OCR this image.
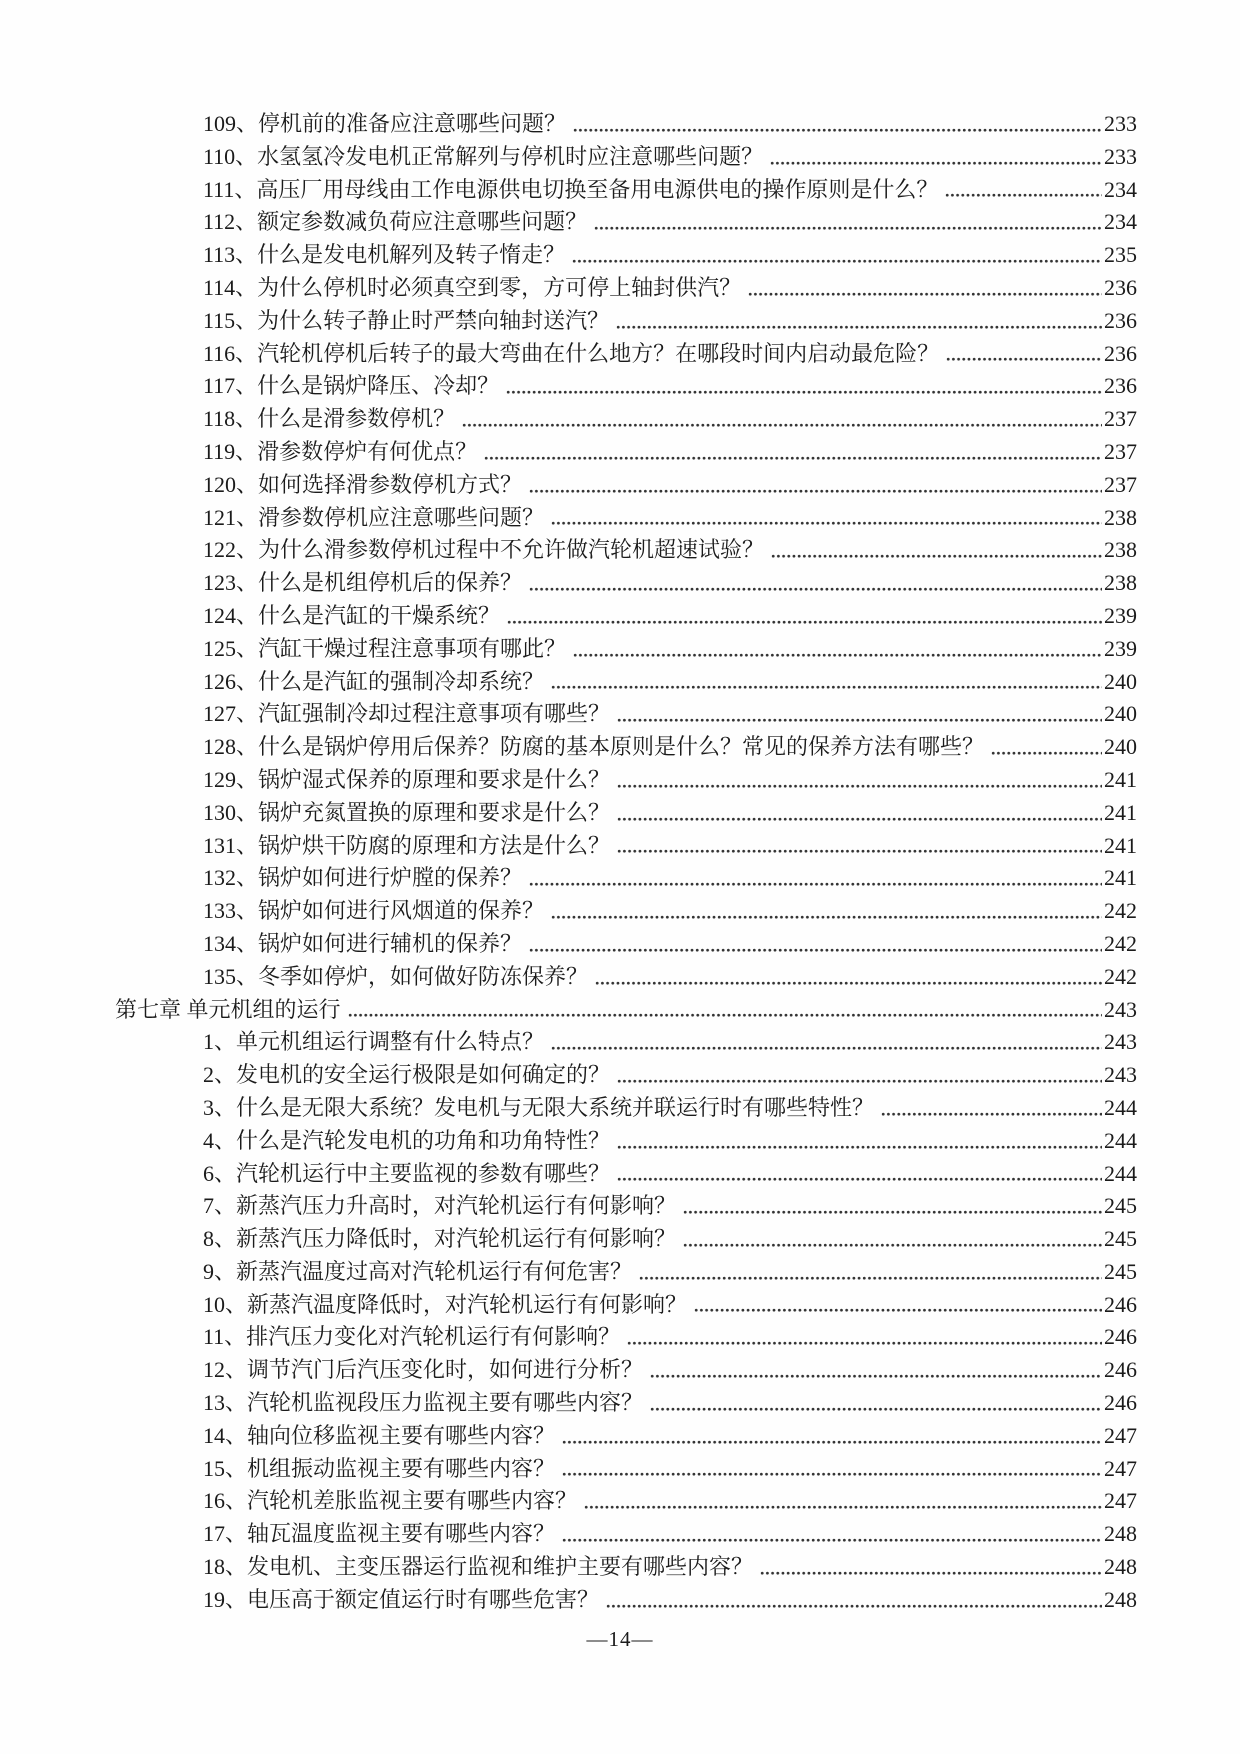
109、停机前的准备应注意哪些问题？	233
110、水氢氢冷发电机正常解列与停机时应注意哪些问题？	233
111、高压厂用母线由工作电源供电切换至备用电源供电的操作原则是什么？	234
112、额定参数减负荷应注意哪些问题？	234
113、什么是发电机解列及转子惰走？	235
114、为什么停机时必须真空到零，方可停上轴封供汽？	236
115、为什么转子静止时严禁向轴封送汽？	236
116、汽轮机停机后转子的最大弯曲在什么地方？在哪段时间内启动最危险？	236
117、什么是锅炉降压、冷却？	236
118、什么是滑参数停机？	237
119、滑参数停炉有何优点？	237
120、如何选择滑参数停机方式？	237
121、滑参数停机应注意哪些问题？	238
122、为什么滑参数停机过程中不允许做汽轮机超速试验？	238
123、什么是机组停机后的保养？	238
124、什么是汽缸的干燥系统？	239
125、汽缸干燥过程注意事项有哪此？	239
126、什么是汽缸的强制冷却系统？	240
127、汽缸强制冷却过程注意事项有哪些？	240
128、什么是锅炉停用后保养？防腐的基本原则是什么？常见的保养方法有哪些？	240
129、锅炉湿式保养的原理和要求是什么？	241
130、锅炉充氮置换的原理和要求是什么？	241
131、锅炉烘干防腐的原理和方法是什么？	241
132、锅炉如何进行炉膛的保养？	241
133、锅炉如何进行风烟道的保养？	242
134、锅炉如何进行辅机的保养？	242
135、冬季如停炉，如何做好防冻保养？	242
第七章 单元机组的运行	243
1、单元机组运行调整有什么特点？	243
2、发电机的安全运行极限是如何确定的？	243
3、什么是无限大系统？发电机与无限大系统并联运行时有哪些特性？	244
4、什么是汽轮发电机的功角和功角特性？	244
6、汽轮机运行中主要监视的参数有哪些？	244
7、新蒸汽压力升高时，对汽轮机运行有何影响？	245
8、新蒸汽压力降低时，对汽轮机运行有何影响？	245
9、新蒸汽温度过高对汽轮机运行有何危害？	245
10、新蒸汽温度降低时，对汽轮机运行有何影响？	246
11、排汽压力变化对汽轮机运行有何影响？	246
12、调节汽门后汽压变化时，如何进行分析？	246
13、汽轮机监视段压力监视主要有哪些内容？	246
14、轴向位移监视主要有哪些内容？	247
15、机组振动监视主要有哪些内容？	247
16、汽轮机差胀监视主要有哪些内容？	247
17、轴瓦温度监视主要有哪些内容？	248
18、发电机、主变压器运行监视和维护主要有哪些内容？	248
19、电压高于额定值运行时有哪些危害？	248
—14—
